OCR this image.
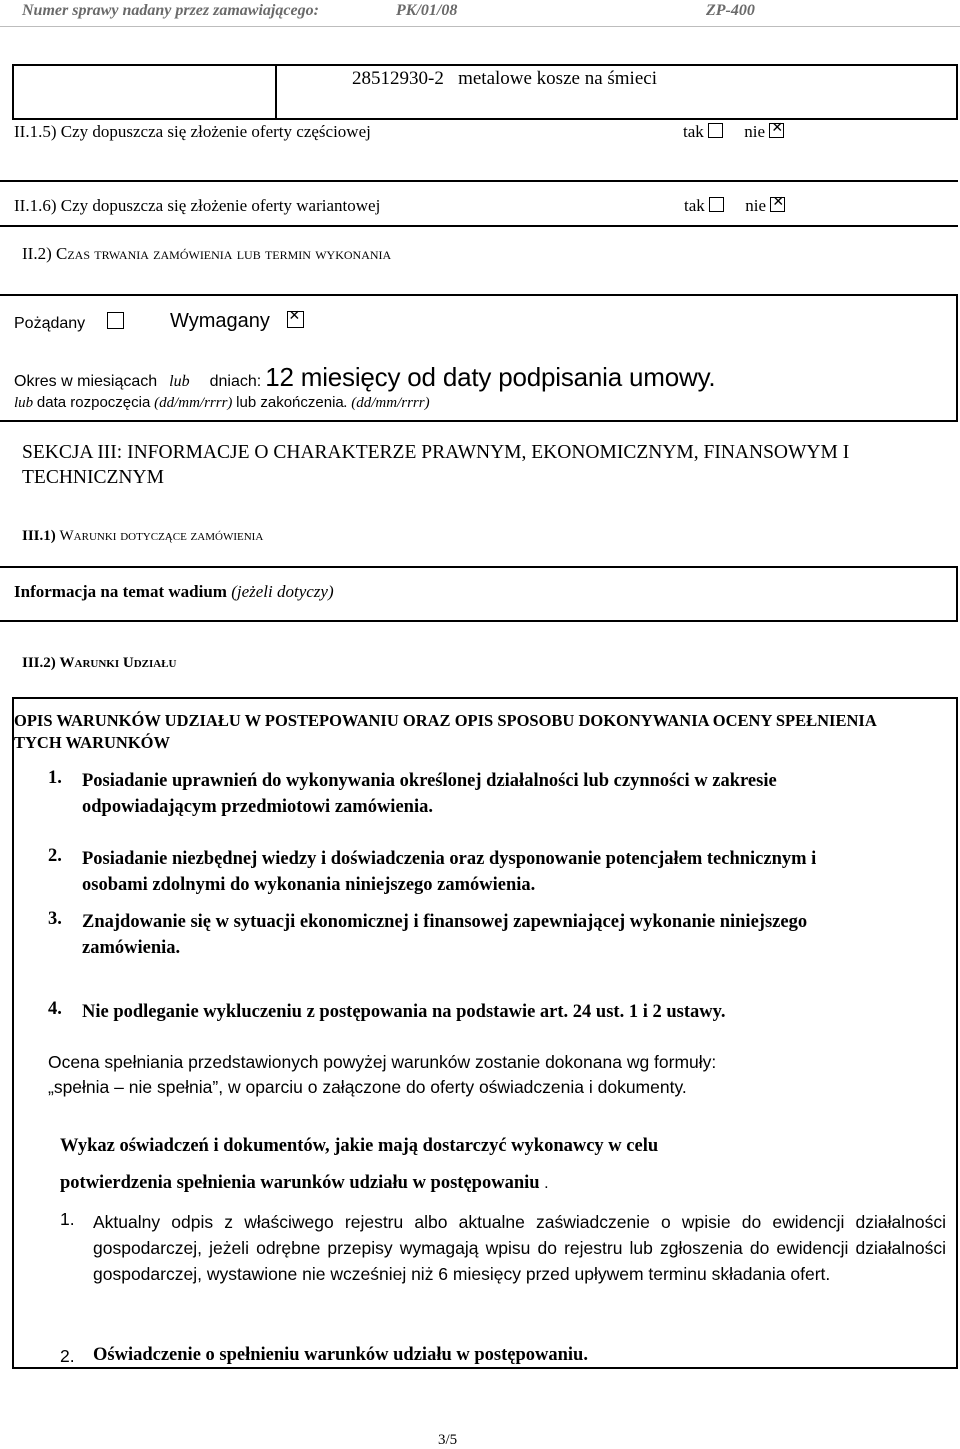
Numer sprawy nadany przez zamawiającego:	PK/01/08	ZP-400
28512930-2 metalowe kosze na śmieci
II.1.5) Czy dopuszcza się złożenie oferty częściowej	tak nie ✕
II.1.6) Czy dopuszcza się złożenie oferty wariantowej	tak nie ✕
II.2) Czas trwania zamówienia lub termin wykonania
Pożądany	Wymagany   ✕
Okres w miesiącach lub dniach: 12 miesięcy od daty podpisania umowy.
lub data rozpoczęcia (dd/mm/rrrr) lub zakończenia. (dd/mm/rrrr)
SEKCJA III: INFORMACJE O CHARAKTERZE PRAWNYM, EKONOMICZNYM, FINANSOWYM I TECHNICZNYM
III.1) Warunki dotyczące zamówienia
Informacja na temat wadium (jeżeli dotyczy)
III.2) Warunki Udziału
OPIS WARUNKÓW UDZIAŁU W POSTEPOWANIU ORAZ OPIS SPOSOBU DOKONYWANIA OCENY SPEŁNIENIA TYCH WARUNKÓW
1. Posiadanie uprawnień do wykonywania określonej działalności lub czynności w zakresie odpowiadającym przedmiotowi zamówienia.
2. Posiadanie niezbędnej wiedzy i doświadczenia oraz dysponowanie potencjałem technicznym i osobami zdolnymi do wykonania niniejszego zamówienia.
3. Znajdowanie się w sytuacji ekonomicznej i finansowej zapewniającej wykonanie niniejszego zamówienia.
4. Nie podleganie wykluczeniu z postępowania na podstawie art. 24 ust. 1 i 2 ustawy.
Ocena spełniania przedstawionych powyżej warunków zostanie dokonana wg formuły: „spełnia – nie spełnia”, w oparciu o załączone do oferty oświadczenia i dokumenty.
Wykaz oświadczeń i dokumentów, jakie mają dostarczyć wykonawcy w celu
potwierdzenia spełnienia warunków udziału w postępowaniu .
1. Aktualny odpis z właściwego rejestru albo aktualne zaświadczenie o wpisie do ewidencji działalności gospodarczej, jeżeli odrębne przepisy wymagają wpisu do rejestru lub zgłoszenia do ewidencji działalności gospodarczej, wystawione nie wcześniej niż 6 miesięcy przed upływem terminu składania ofert.
2. Oświadczenie o spełnieniu warunków udziału w postępowaniu.
3/5
